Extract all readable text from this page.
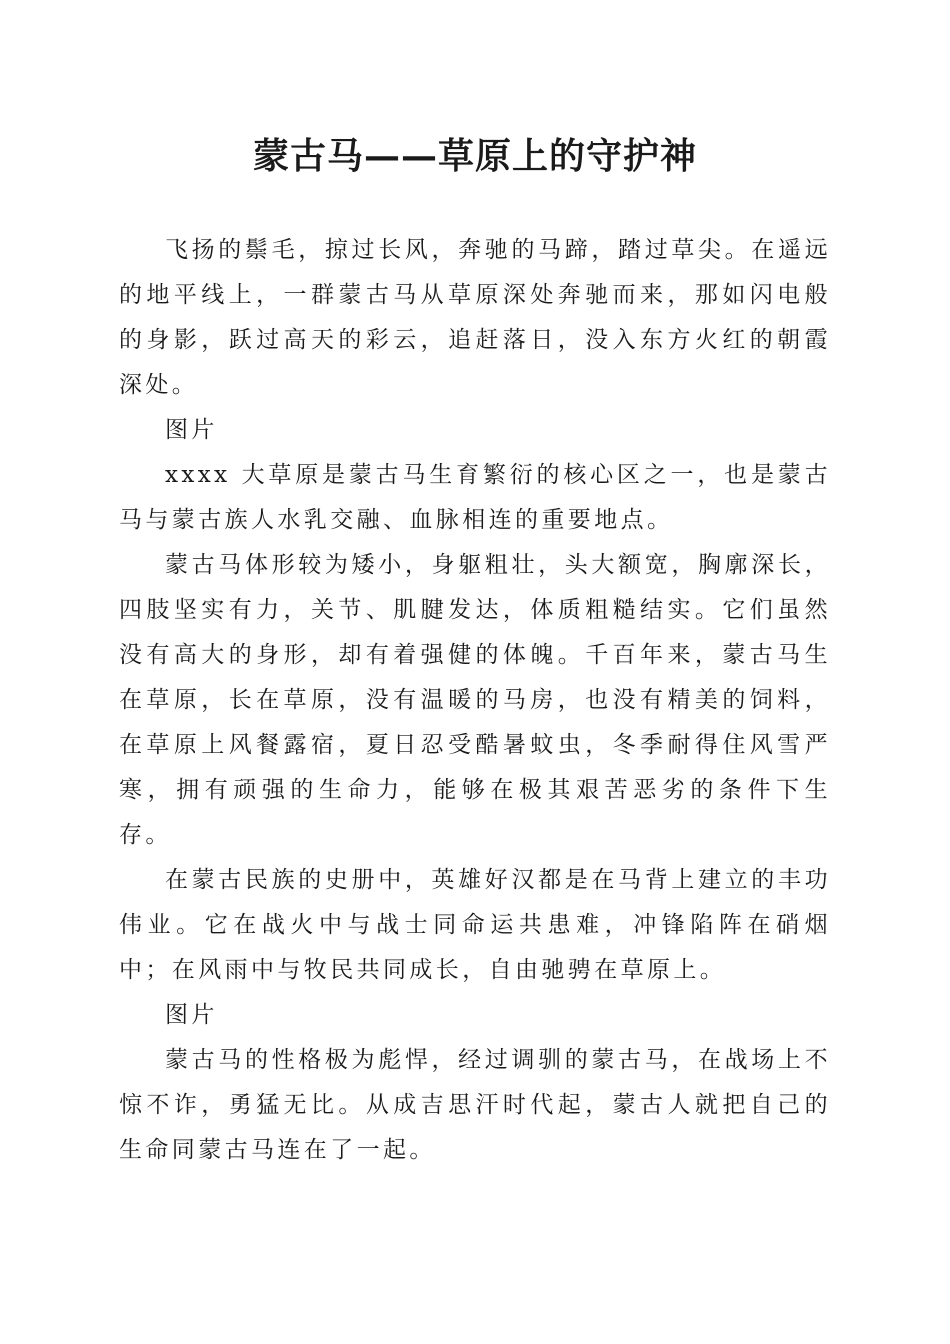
蒙古马——草原上的守护神

飞扬的鬃毛，掠过长风，奔驰的马蹄，踏过草尖。在遥远的地平线上，一群蒙古马从草原深处奔驰而来，那如闪电般的身影，跃过高天的彩云，追赶落日，没入东方火红的朝霞深处。

图片

xxxx 大草原是蒙古马生育繁衍的核心区之一，也是蒙古马与蒙古族人水乳交融、血脉相连的重要地点。

蒙古马体形较为矮小，身躯粗壮，头大额宽，胸廓深长，四肢坚实有力，关节、肌腱发达，体质粗糙结实。它们虽然没有高大的身形，却有着强健的体魄。千百年来，蒙古马生在草原，长在草原，没有温暖的马房，也没有精美的饲料，在草原上风餐露宿，夏日忍受酷暑蚊虫，冬季耐得住风雪严寒，拥有顽强的生命力，能够在极其艰苦恶劣的条件下生存。

在蒙古民族的史册中，英雄好汉都是在马背上建立的丰功伟业。它在战火中与战士同命运共患难，冲锋陷阵在硝烟中；在风雨中与牧民共同成长，自由驰骋在草原上。

图片

蒙古马的性格极为彪悍，经过调驯的蒙古马，在战场上不惊不诈，勇猛无比。从成吉思汗时代起，蒙古人就把自己的生命同蒙古马连在了一起。
